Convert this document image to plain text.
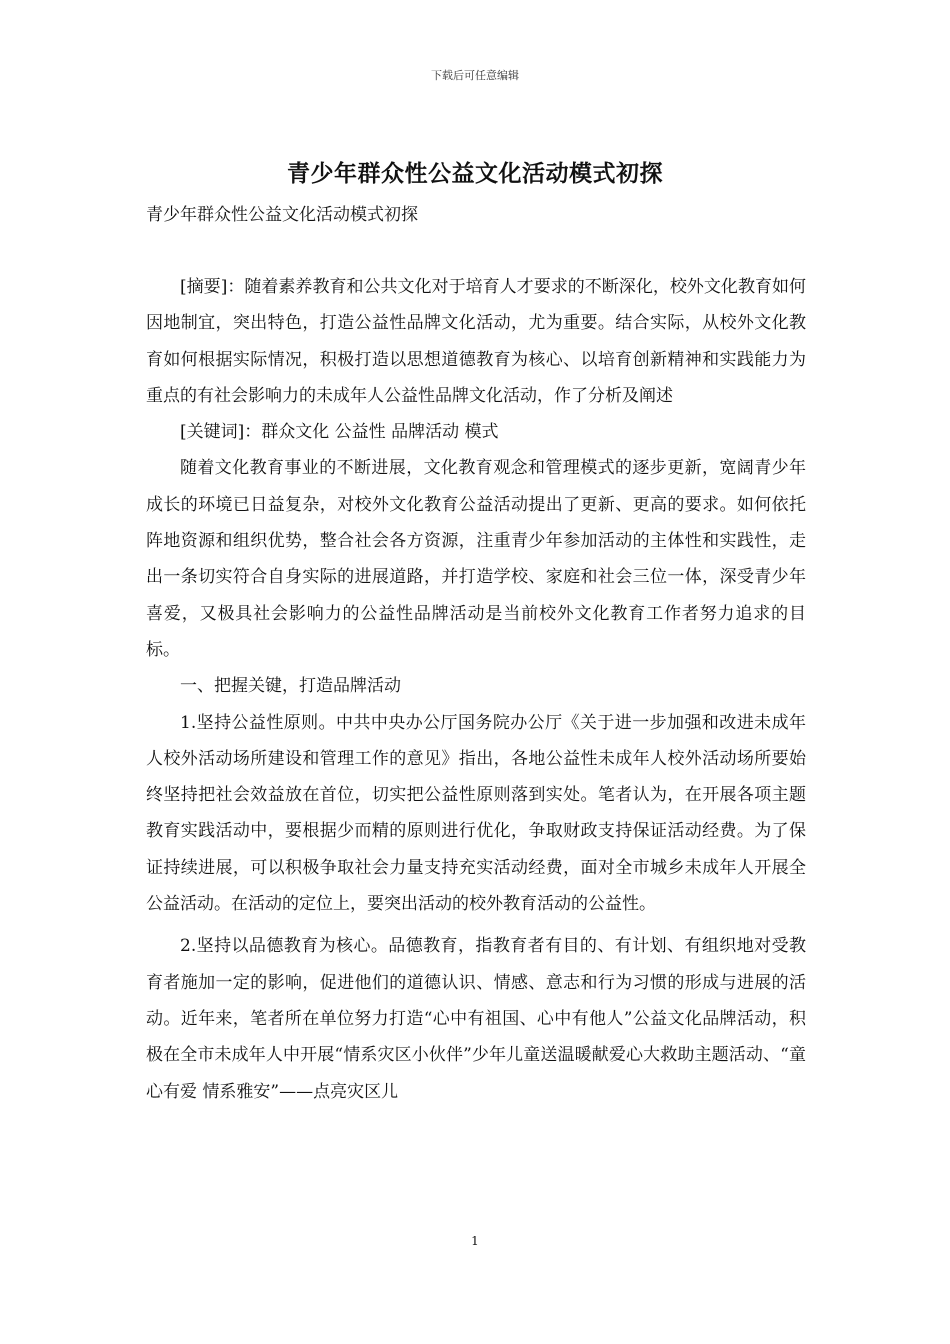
下载后可任意编辑
青少年群众性公益文化活动模式初探
青少年群众性公益文化活动模式初探

[摘要]：随着素养教育和公共文化对于培育人才要求的不断深化，校外文化教育如何因地制宜，突出特色，打造公益性品牌文化活动，尤为重要。结合实际，从校外文化教育如何根据实际情况，积极打造以思想道德教育为核心、以培育创新精神和实践能力为重点的有社会影响力的未成年人公益性品牌文化活动，作了分析及阐述

[关键词]：群众文化 公益性 品牌活动 模式

随着文化教育事业的不断进展，文化教育观念和管理模式的逐步更新，宽阔青少年成长的环境已日益复杂，对校外文化教育公益活动提出了更新、更高的要求。如何依托阵地资源和组织优势，整合社会各方资源，注重青少年参加活动的主体性和实践性，走出一条切实符合自身实际的进展道路，并打造学校、家庭和社会三位一体，深受青少年喜爱，又极具社会影响力的公益性品牌活动是当前校外文化教育工作者努力追求的目标。

一、把握关键，打造品牌活动

1.坚持公益性原则。中共中央办公厅国务院办公厅《关于进一步加强和改进未成年人校外活动场所建设和管理工作的意见》指出，各地公益性未成年人校外活动场所要始终坚持把社会效益放在首位，切实把公益性原则落到实处。笔者认为，在开展各项主题教育实践活动中，要根据少而精的原则进行优化，争取财政支持保证活动经费。为了保证持续进展，可以积极争取社会力量支持充实活动经费，面对全市城乡未成年人开展全公益活动。在活动的定位上，要突出活动的校外教育活动的公益性。

2.坚持以品德教育为核心。品德教育，指教育者有目的、有计划、有组织地对受教育者施加一定的影响，促进他们的道德认识、情感、意志和行为习惯的形成与进展的活动。近年来，笔者所在单位努力打造“心中有祖国、心中有他人”公益文化品牌活动，积极在全市未成年人中开展“情系灾区小伙伴”少年儿童送温暖献爱心大救助主题活动、“童心有爱 情系雅安”——点亮灾区儿

1
